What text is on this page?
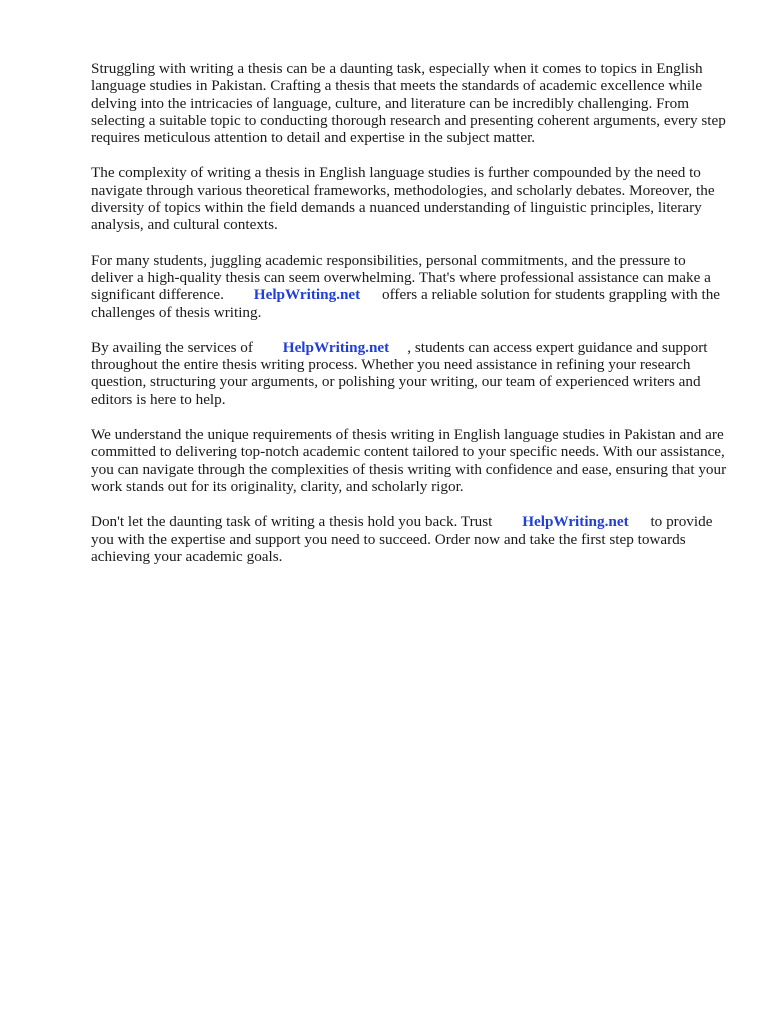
Struggling with writing a thesis can be a daunting task, especially when it comes to topics in English language studies in Pakistan. Crafting a thesis that meets the standards of academic excellence while delving into the intricacies of language, culture, and literature can be incredibly challenging. From selecting a suitable topic to conducting thorough research and presenting coherent arguments, every step requires meticulous attention to detail and expertise in the subject matter.

The complexity of writing a thesis in English language studies is further compounded by the need to navigate through various theoretical frameworks, methodologies, and scholarly debates. Moreover, the diversity of topics within the field demands a nuanced understanding of linguistic principles, literary analysis, and cultural contexts.

For many students, juggling academic responsibilities, personal commitments, and the pressure to deliver a high-quality thesis can seem overwhelming. That's where professional assistance can make a significant difference. HelpWriting.net offers a reliable solution for students grappling with the challenges of thesis writing.

By availing the services of HelpWriting.net , students can access expert guidance and support throughout the entire thesis writing process. Whether you need assistance in refining your research question, structuring your arguments, or polishing your writing, our team of experienced writers and editors is here to help.

We understand the unique requirements of thesis writing in English language studies in Pakistan and are committed to delivering top-notch academic content tailored to your specific needs. With our assistance, you can navigate through the complexities of thesis writing with confidence and ease, ensuring that your work stands out for its originality, clarity, and scholarly rigor.

Don't let the daunting task of writing a thesis hold you back. Trust HelpWriting.net to provide you with the expertise and support you need to succeed. Order now and take the first step towards achieving your academic goals.
